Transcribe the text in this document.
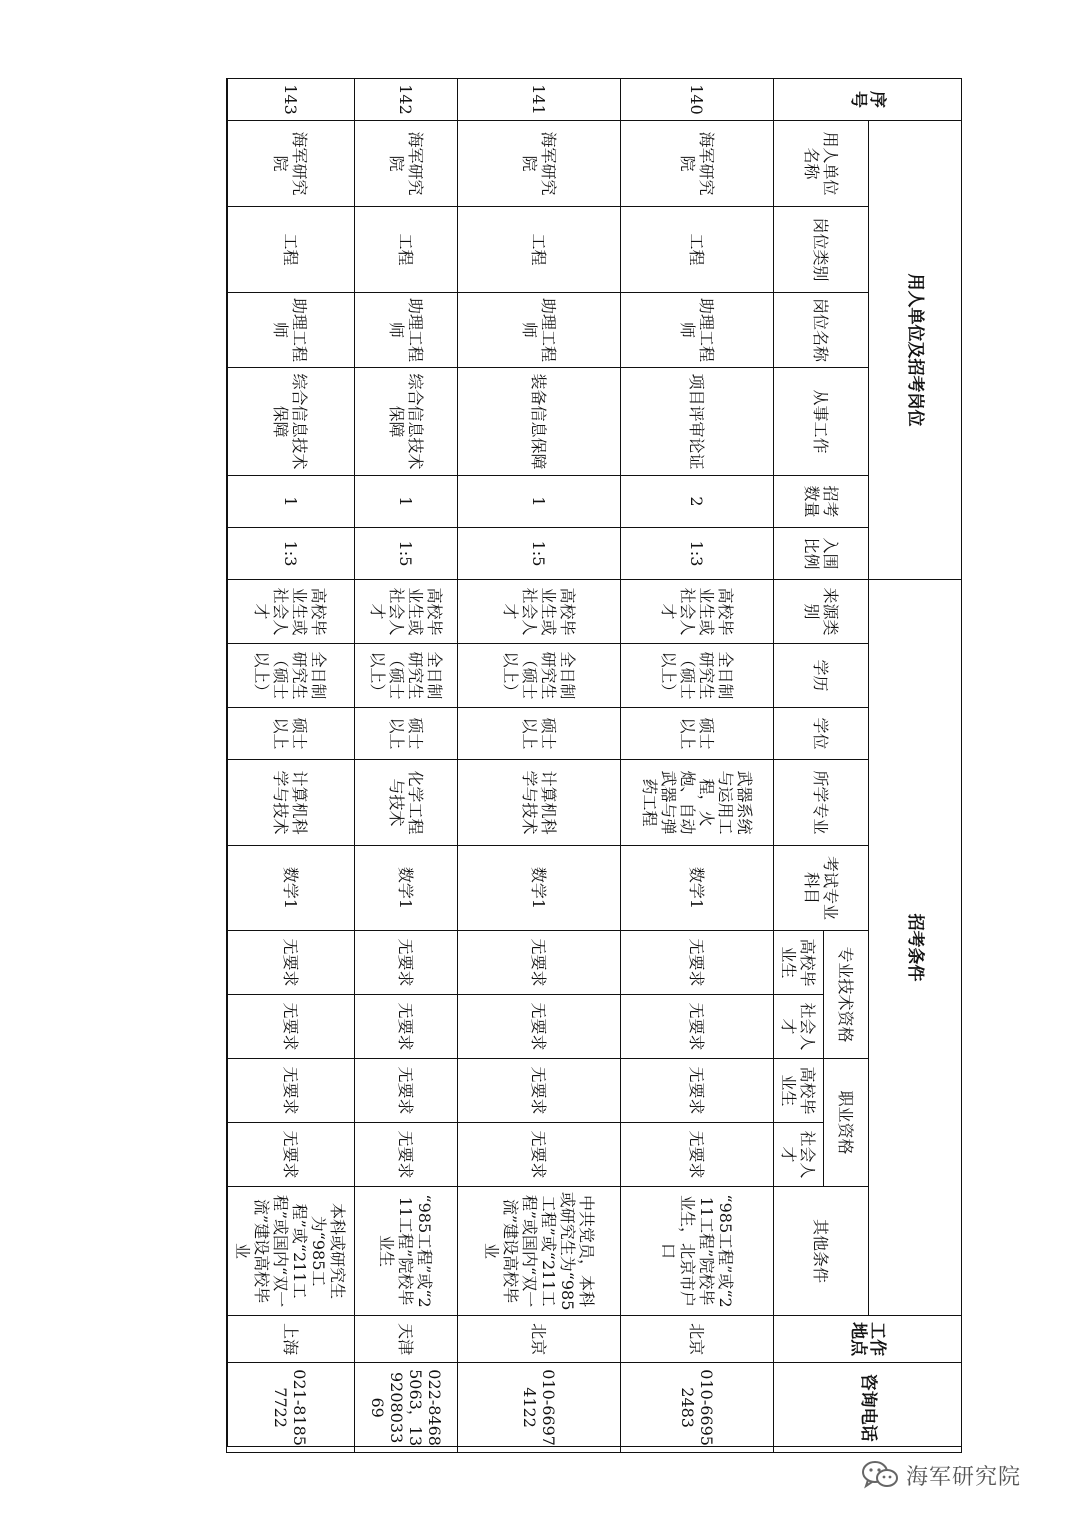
序号	用人单位及招考岗位						招考条件										工作地点	咨询电话
	用人单位名称	岗位类别	岗位名称	从事工作	招考数量	入围比例	来源类别	学历	学位	所学专业	考试专业科目	专业技术资格		职业资格		其他条件		
												高校毕业生	社会人才	高校毕业生	社会人才			
140	海军研究院	工程	助理工程师	项目评审论证	2	1:3	高校毕业生或社会人才	全日制研究生（硕士以上）	硕士以上	武器系统与运用工程，火炮、自动武器与弹药工程	数学1	无要求	无要求	无要求	无要求	“985工程”或“211工程”院校毕业生，北京市户口	北京	010-66952483
141	海军研究院	工程	助理工程师	装备信息保障	1	1:5	高校毕业生或社会人才	全日制研究生（硕士以上）	硕士以上	计算机科学与技术	数学1	无要求	无要求	无要求	无要求	中共党员，本科或研究生为“985工程”或“211工程”或国内“双一流”建设高校毕业	北京	010-66974122
142	海军研究院	工程	助理工程师	综合信息技术保障	1	1:5	高校毕业生或社会人才	全日制研究生（硕士以上）	硕士以上	化学工程与技术	数学1	无要求	无要求	无要求	无要求	“985工程”或“211工程”院校毕业生	天津	022-84685063，13920803369
143	海军研究院	工程	助理工程师	综合信息技术保障	1	1:3	高校毕业生或社会人才	全日制研究生（硕士以上）	硕士以上	计算机科学与技术	数学1	无要求	无要求	无要求	无要求	本科或研究生为“985工程”或“211工程”或国内“双一流”建设高校毕业	上海	021-81857722
海军研究院
